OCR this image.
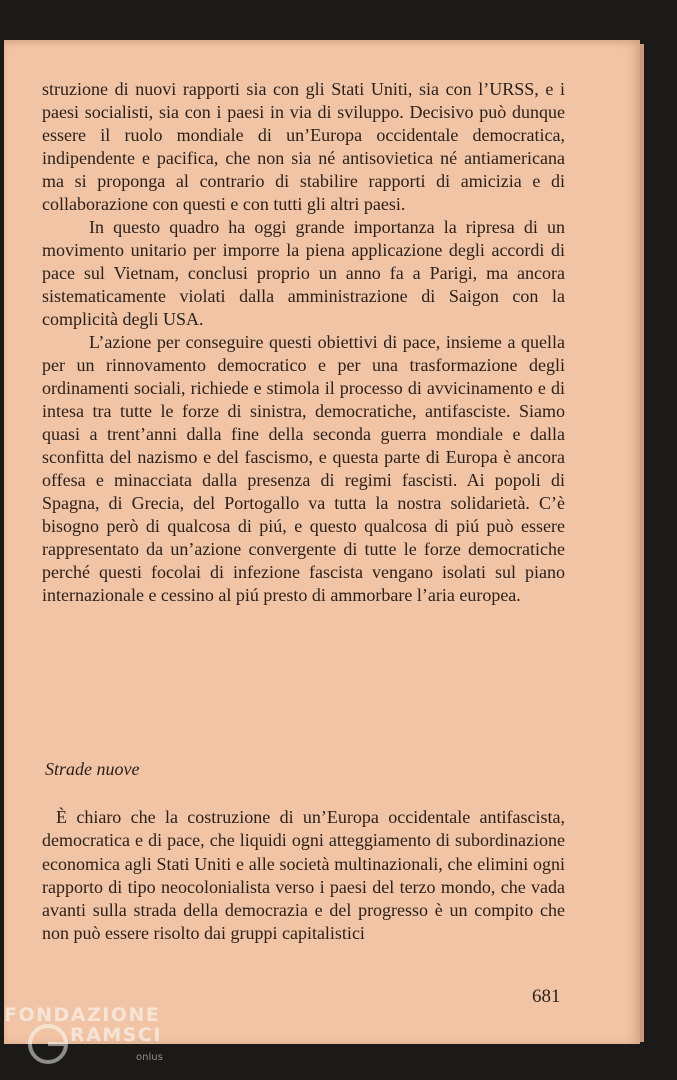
struzione di nuovi rapporti sia con gli Stati Uniti, sia con l’URSS, e i paesi socialisti, sia con i paesi in via di sviluppo. Decisivo può dunque essere il ruolo mondiale di un’Europa occidentale democratica, indipendente e pacifica, che non sia né antisovietica né antiamericana ma si proponga al contrario di stabilire rapporti di amicizia e di collaborazione con questi e con tutti gli altri paesi.

In questo quadro ha oggi grande importanza la ripresa di un movimento unitario per imporre la piena applicazione degli accordi di pace sul Vietnam, conclusi proprio un anno fa a Parigi, ma ancora sistematicamente violati dalla amministrazione di Saigon con la complicità degli USA.

L’azione per conseguire questi obiettivi di pace, insieme a quella per un rinnovamento democratico e per una trasformazione degli ordinamenti sociali, richiede e stimola il processo di avvicinamento e di intesa tra tutte le forze di sinistra, democratiche, antifasciste. Siamo quasi a trent’anni dalla fine della seconda guerra mondiale e dalla sconfitta del nazismo e del fascismo, e questa parte di Europa è ancora offesa e minacciata dalla presenza di regimi fascisti. Ai popoli di Spagna, di Grecia, del Portogallo va tutta la nostra solidarietà. C’è bisogno però di qualcosa di piú, e questo qualcosa di piú può essere rappresentato da un’azione convergente di tutte le forze democratiche perché questi focolai di infezione fascista vengano isolati sul piano internazionale e cessino al piú presto di ammorbare l’aria europea.

Strade nuove

È chiaro che la costruzione di un’Europa occidentale antifascista, democratica e di pace, che liquidi ogni atteggiamento di subordinazione economica agli Stati Uniti e alle società multinazionali, che elimini ogni rapporto di tipo neocolonialista verso i paesi del terzo mondo, che vada avanti sulla strada della democrazia e del progresso è un compito che non può essere risolto dai gruppi capitalistici

681
FONDAZIONE
RAMSCI
onlus
